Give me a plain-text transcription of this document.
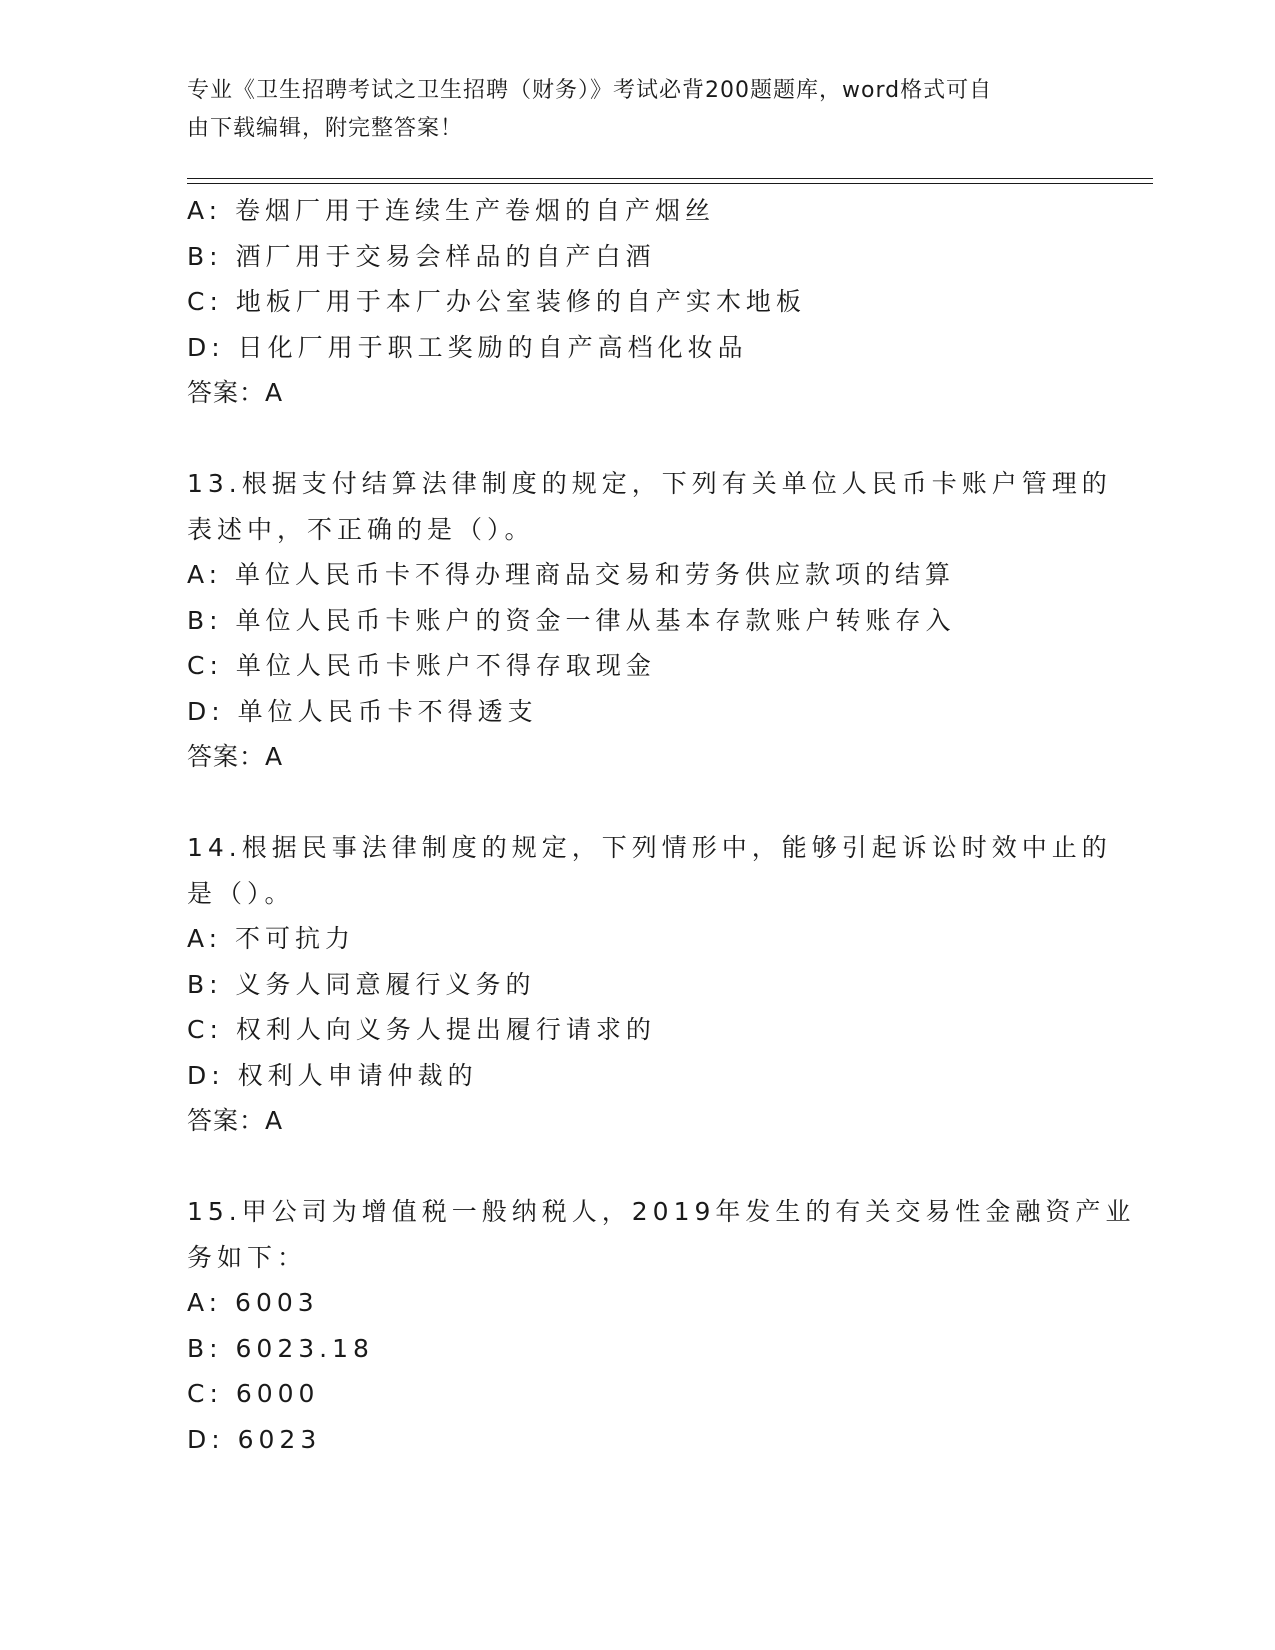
专业《卫生招聘考试之卫生招聘（财务）》考试必背200题题库，word格式可自
由下载编辑，附完整答案！
A: 卷烟厂用于连续生产卷烟的自产烟丝
B: 酒厂用于交易会样品的自产白酒
C: 地板厂用于本厂办公室装修的自产实木地板
D: 日化厂用于职工奖励的自产高档化妆品
答案：A
13.根据支付结算法律制度的规定，下列有关单位人民币卡账户管理的
表述中，不正确的是（）。
A: 单位人民币卡不得办理商品交易和劳务供应款项的结算
B: 单位人民币卡账户的资金一律从基本存款账户转账存入
C: 单位人民币卡账户不得存取现金
D: 单位人民币卡不得透支
答案：A
14.根据民事法律制度的规定，下列情形中，能够引起诉讼时效中止的
是（）。
A: 不可抗力
B: 义务人同意履行义务的
C: 权利人向义务人提出履行请求的
D: 权利人申请仲裁的
答案：A
15.甲公司为增值税一般纳税人，2019年发生的有关交易性金融资产业
务如下：
A: 6003
B: 6023.18
C: 6000
D: 6023
